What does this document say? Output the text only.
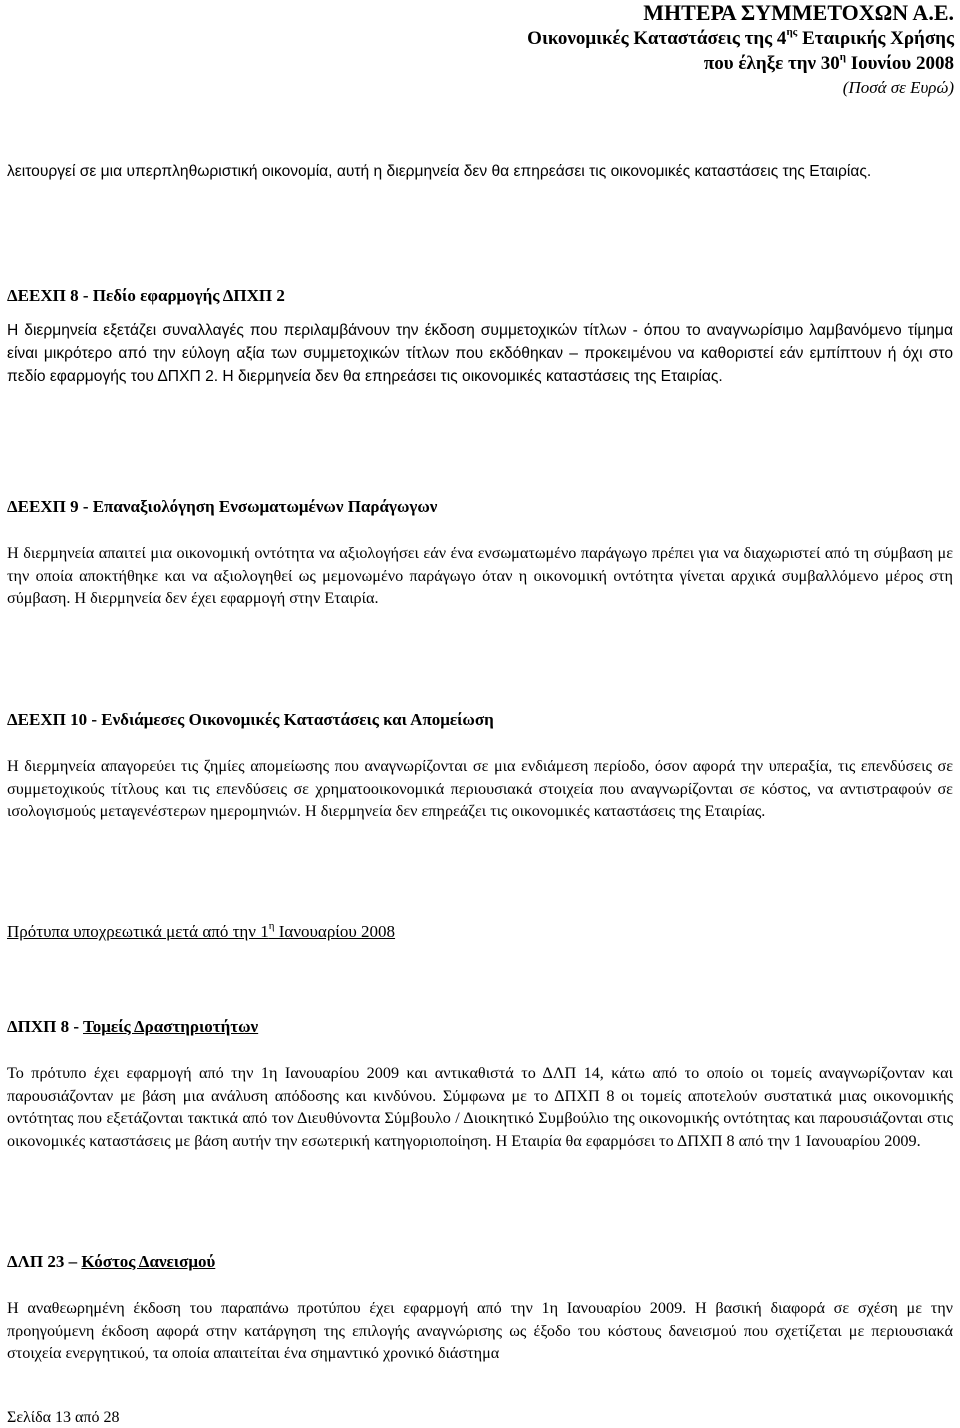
ΜΗΤΕΡΑ ΣΥΜΜΕΤΟΧΩΝ Α.Ε.
Οικονομικές Καταστάσεις της $4^{\eta\varsigma}$ Εταιρικής Χρήσης
που έληξε την $30^\eta$ Ιουνίου 2008
(Ποσά σε Ευρώ)

λειτουργεί σε μια υπερπληθωριστική οικονομία, αυτή η διερμηνεία δεν θα επηρεάσει τις οικονομικές καταστάσεις της Εταιρίας.

ΔΕΕΧΠ 8 - Πεδίο εφαρμογής ΔΠΧΠ 2

Η διερμηνεία εξετάζει συναλλαγές που περιλαμβάνουν την έκδοση συμμετοχικών τίτλων - όπου το αναγνωρίσιμο λαμβανόμενο τίμημα είναι μικρότερο από την εύλογη αξία των συμμετοχικών τίτλων που εκδόθηκαν – προκειμένου να καθοριστεί εάν εμπίπτουν ή όχι στο πεδίο εφαρμογής του ΔΠΧΠ 2. Η διερμηνεία δεν θα επηρεάσει τις οικονομικές καταστάσεις της Εταιρίας.

ΔΕΕΧΠ 9 - Επαναξιολόγηση Ενσωματωμένων Παράγωγων

Η διερμηνεία απαιτεί μια οικονομική οντότητα να αξιολογήσει εάν ένα ενσωματωμένο παράγωγο πρέπει για να διαχωριστεί από τη σύμβαση με την οποία αποκτήθηκε και να αξιολογηθεί ως μεμονωμένο παράγωγο όταν η οικονομική οντότητα γίνεται αρχικά συμβαλλόμενο μέρος στη σύμβαση. Η διερμηνεία δεν έχει εφαρμογή στην Εταιρία.

ΔΕΕΧΠ 10 - Ενδιάμεσες Οικονομικές Καταστάσεις και Απομείωση

Η διερμηνεία απαγορεύει τις ζημίες απομείωσης που αναγνωρίζονται σε μια ενδιάμεση περίοδο, όσον αφορά την υπεραξία, τις επενδύσεις σε συμμετοχικούς τίτλους και τις επενδύσεις σε χρηματοοικονομικά περιουσιακά στοιχεία που αναγνωρίζονται σε κόστος, να αντιστραφούν σε ισολογισμούς μεταγενέστερων ημερομηνιών. Η διερμηνεία δεν επηρεάζει τις οικονομικές καταστάσεις της Εταιρίας.

Πρότυπα υποχρεωτικά μετά από την $1^\eta$ Ιανουαρίου 2008
ΔΠΧΠ 8 - Τομείς Δραστηριοτήτων

Το πρότυπο έχει εφαρμογή από την 1η Ιανουαρίου 2009 και αντικαθιστά το ΔΛΠ 14, κάτω από το οποίο οι τομείς αναγνωρίζονταν και παρουσιάζονταν με βάση μια ανάλυση απόδοσης και κινδύνου. Σύμφωνα με το ΔΠΧΠ 8 οι τομείς αποτελούν συστατικά μιας οικονομικής οντότητας που εξετάζονται τακτικά από τον Διευθύνοντα Σύμβουλο / Διοικητικό Συμβούλιο της οικονομικής οντότητας και παρουσιάζονται στις οικονομικές καταστάσεις με βάση αυτήν την εσωτερική κατηγοριοποίηση. Η Εταιρία θα εφαρμόσει το ΔΠΧΠ 8 από την 1 Ιανουαρίου 2009.

ΔΛΠ 23 – Κόστος Δανεισμού

Η αναθεωρημένη έκδοση του παραπάνω προτύπου έχει εφαρμογή από την 1η Ιανουαρίου 2009. Η βασική διαφορά σε σχέση με την προηγούμενη έκδοση αφορά στην κατάργηση της επιλογής αναγνώρισης ως έξοδο του κόστους δανεισμού που σχετίζεται με περιουσιακά στοιχεία ενεργητικού, τα οποία απαιτείται ένα σημαντικό χρονικό διάστημα

Σελίδα 13 από 28
